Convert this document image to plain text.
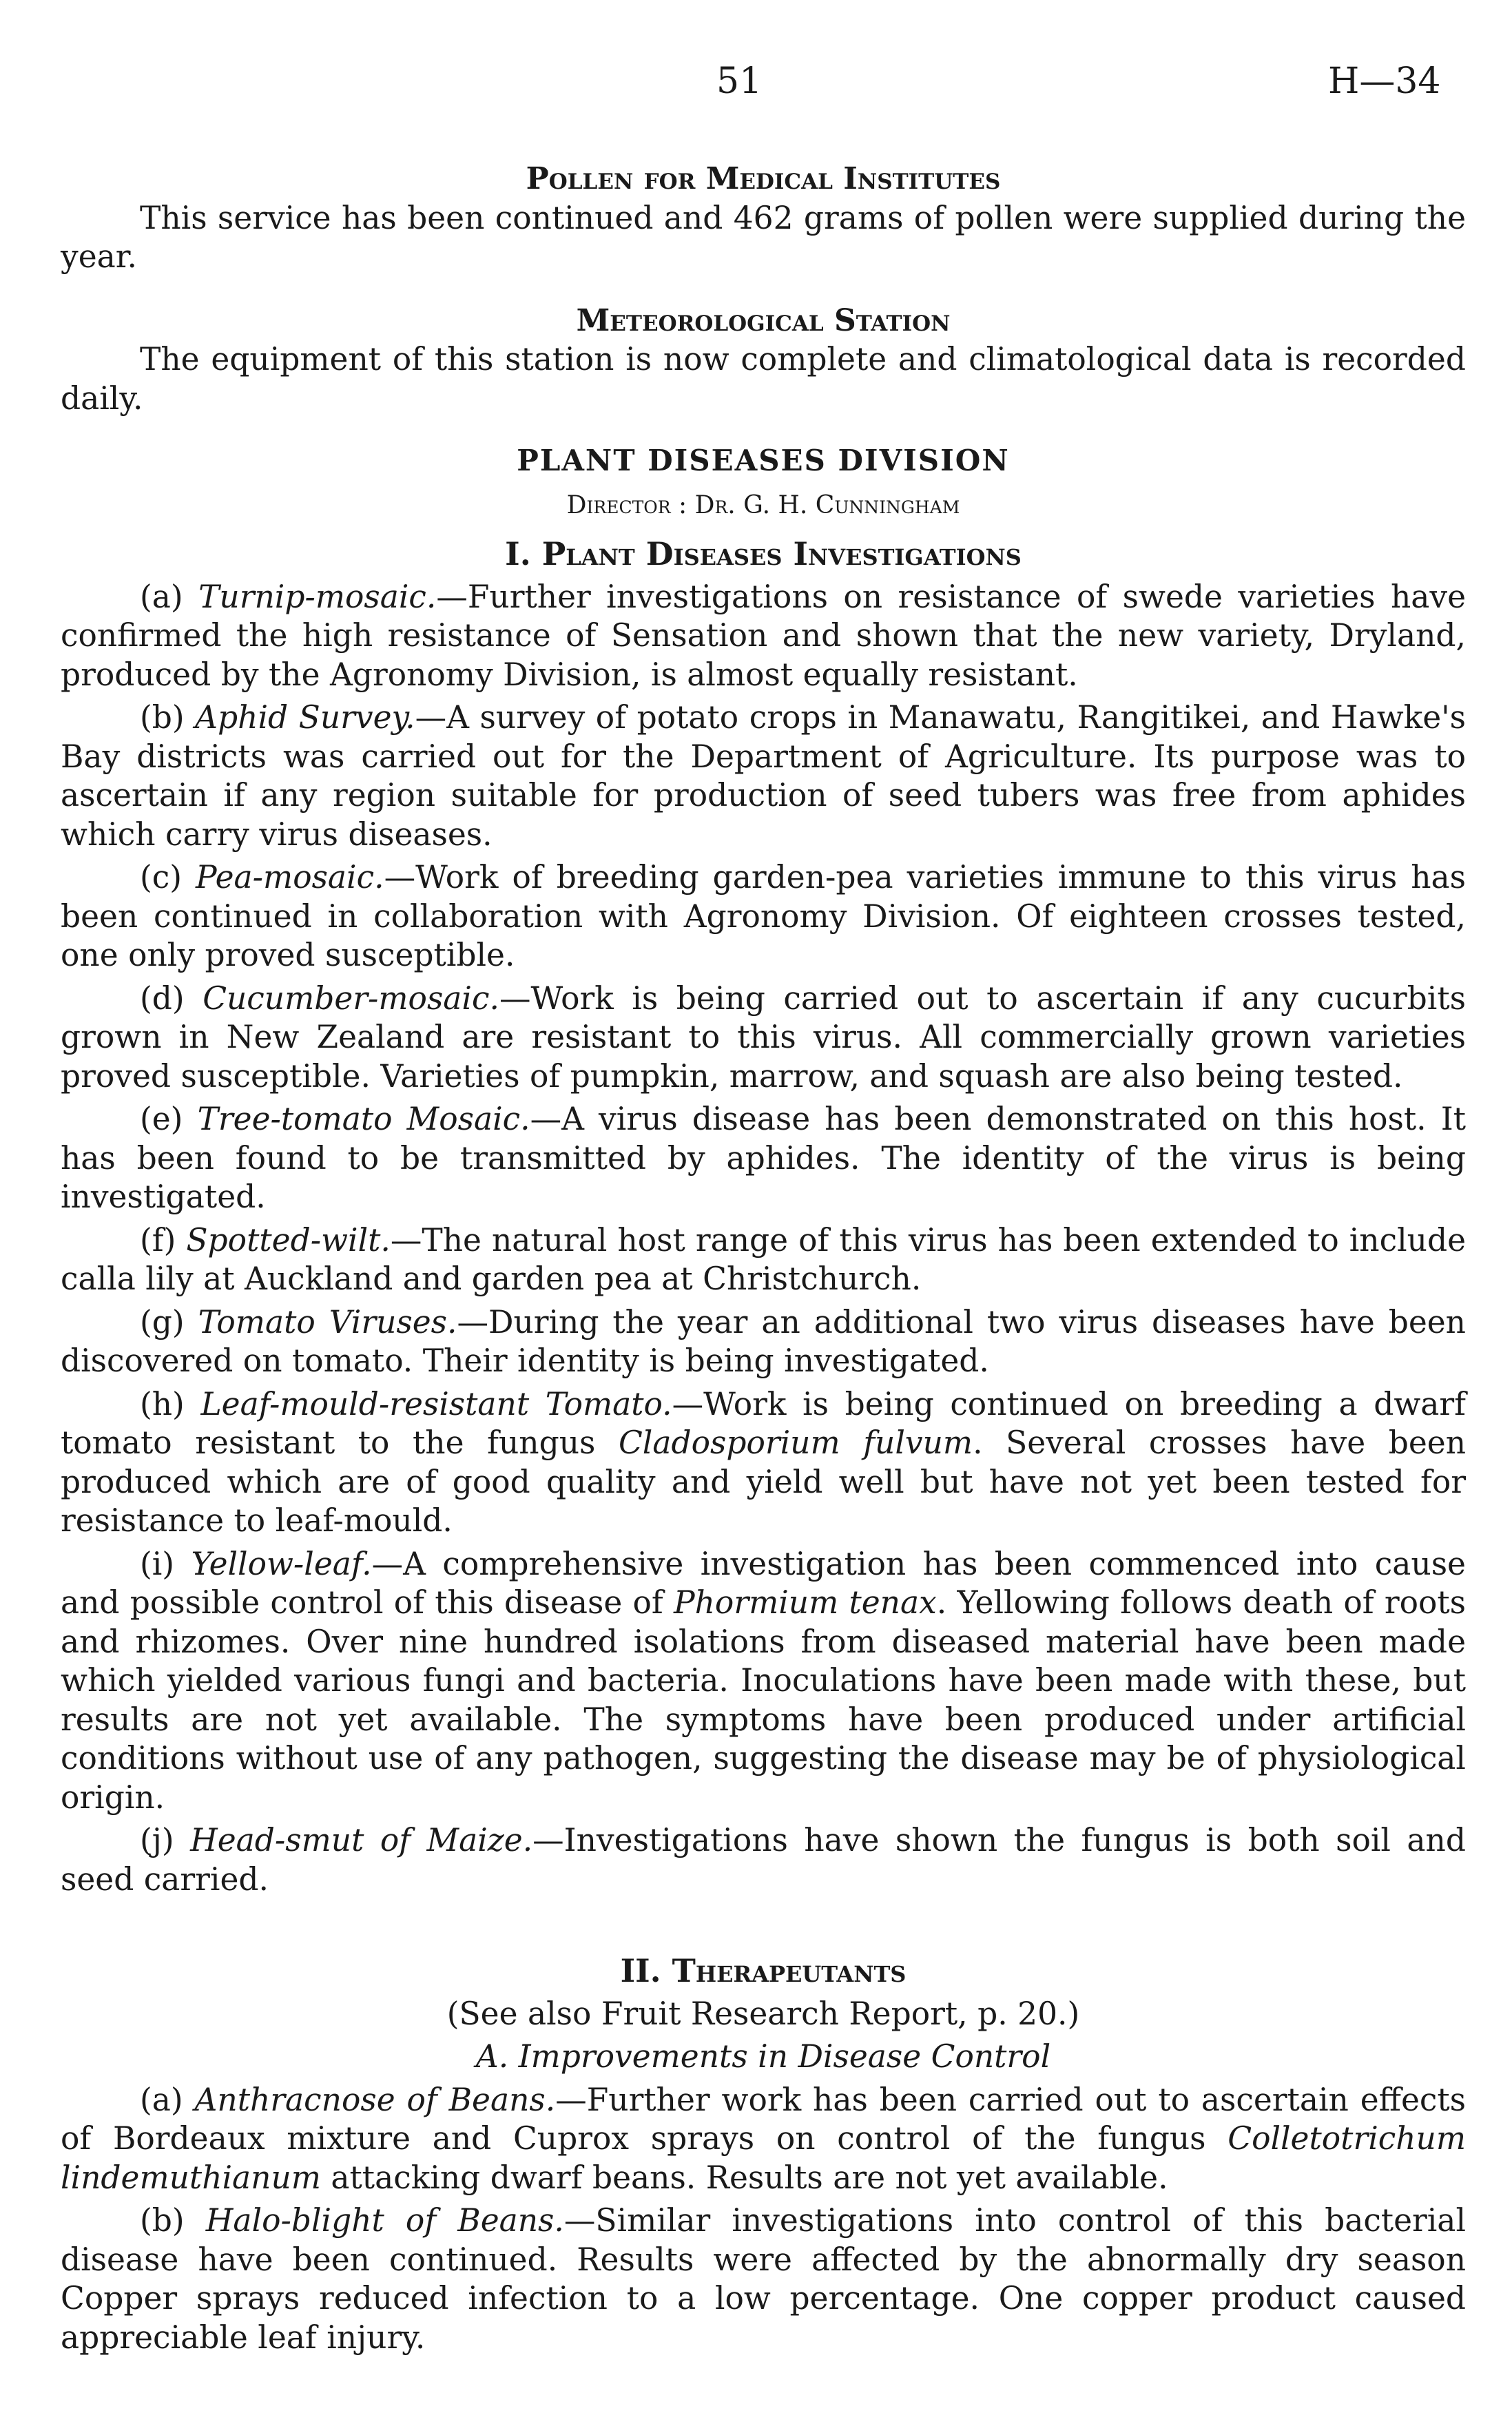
51	H—34
Pollen for Medical Institutes

This service has been continued and 462 grams of pollen were supplied during the year.

Meteorological Station

The equipment of this station is now complete and climatological data is recorded daily.

PLANT DISEASES DIVISION

Director : Dr. G. H. Cunningham

I. Plant Diseases Investigations

(a) Turnip-mosaic.—Further investigations on resistance of swede varieties have confirmed the high resistance of Sensation and shown that the new variety, Dryland, produced by the Agronomy Division, is almost equally resistant.

(b) Aphid Survey.—A survey of potato crops in Manawatu, Rangitikei, and Hawke's Bay districts was carried out for the Department of Agriculture. Its purpose was to ascertain if any region suitable for production of seed tubers was free from aphides which carry virus diseases.

(c) Pea-mosaic.—Work of breeding garden-pea varieties immune to this virus has been continued in collaboration with Agronomy Division. Of eighteen crosses tested, one only proved susceptible.

(d) Cucumber-mosaic.—Work is being carried out to ascertain if any cucurbits grown in New Zealand are resistant to this virus. All commercially grown varieties proved susceptible. Varieties of pumpkin, marrow, and squash are also being tested.

(e) Tree-tomato Mosaic.—A virus disease has been demonstrated on this host. It has been found to be transmitted by aphides. The identity of the virus is being investigated.

(f) Spotted-wilt.—The natural host range of this virus has been extended to include calla lily at Auckland and garden pea at Christchurch.

(g) Tomato Viruses.—During the year an additional two virus diseases have been discovered on tomato. Their identity is being investigated.

(h) Leaf-mould-resistant Tomato.—Work is being continued on breeding a dwarf tomato resistant to the fungus Cladosporium fulvum. Several crosses have been produced which are of good quality and yield well but have not yet been tested for resistance to leaf-mould.

(i) Yellow-leaf.—A comprehensive investigation has been commenced into cause and possible control of this disease of Phormium tenax. Yellowing follows death of roots and rhizomes. Over nine hundred isolations from diseased material have been made which yielded various fungi and bacteria. Inoculations have been made with these, but results are not yet available. The symptoms have been produced under artificial conditions without use of any pathogen, suggesting the disease may be of physiological origin.

(j) Head-smut of Maize.—Investigations have shown the fungus is both soil and seed carried.

II. Therapeutants

(See also Fruit Research Report, p. 20.)

A. Improvements in Disease Control

(a) Anthracnose of Beans.—Further work has been carried out to ascertain effects of Bordeaux mixture and Cuprox sprays on control of the fungus Colletotrichum lindemuthianum attacking dwarf beans. Results are not yet available.

(b) Halo-blight of Beans.—Similar investigations into control of this bacterial disease have been continued. Results were affected by the abnormally dry season Copper sprays reduced infection to a low percentage. One copper product caused appreciable leaf injury.
